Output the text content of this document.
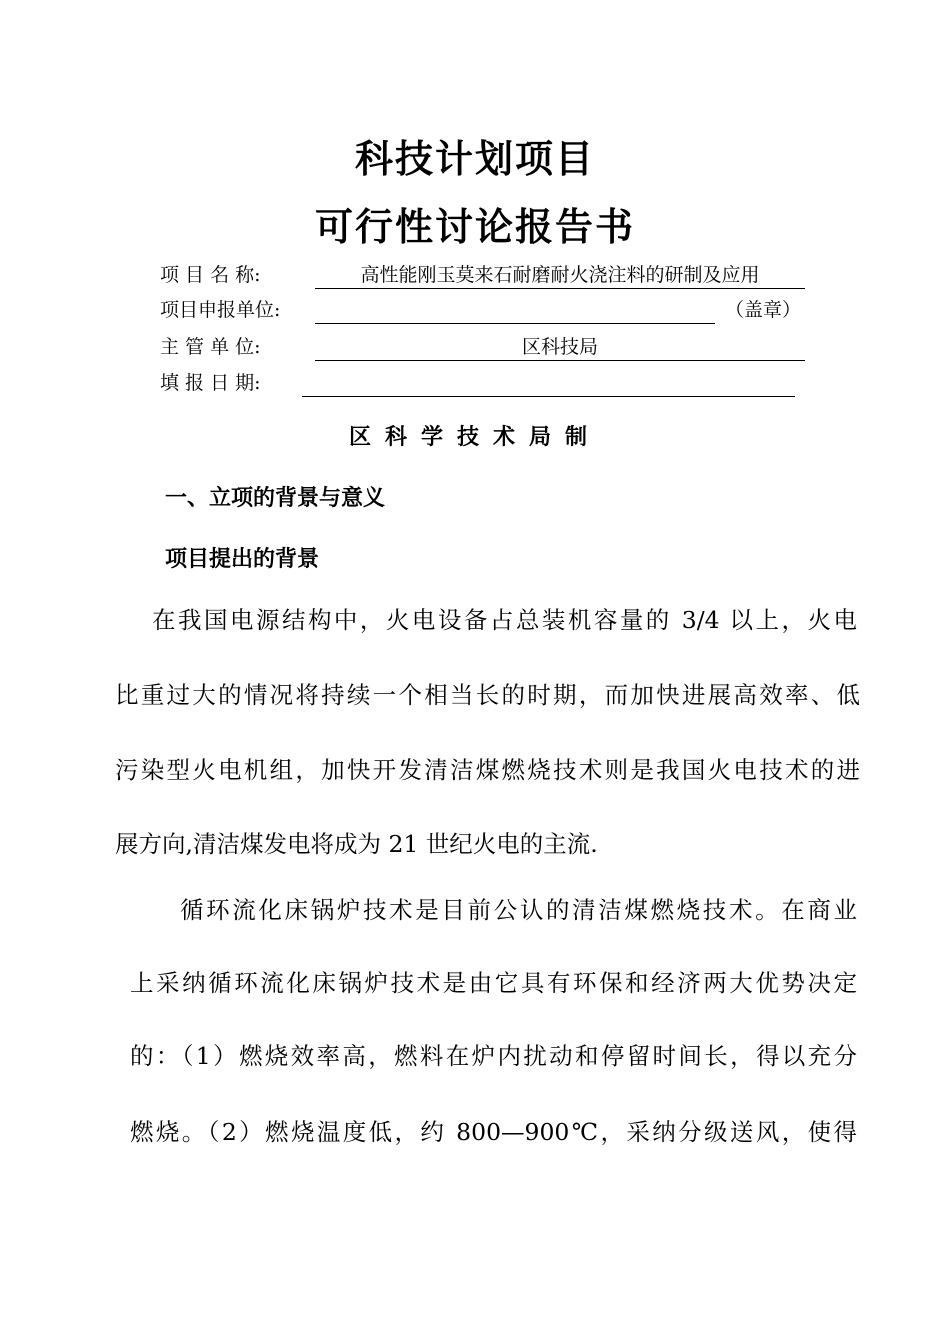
科技计划项目
可行性讨论报告书
项 目 名 称:	高性能刚玉莫来石耐磨耐火浇注料的研制及应用
项目申报单位:	（盖章）
主 管 单 位:	区科技局
填 报 日 期:
区科学技术局制
一、立项的背景与意义
项目提出的背景
在我国电源结构中，火电设备占总装机容量的 3/4 以上，火电
比重过大的情况将持续一个相当长的时期，而加快进展高效率、低
污染型火电机组，加快开发清洁煤燃烧技术则是我国火电技术的进
展方向,清洁煤发电将成为 21 世纪火电的主流.
循环流化床锅炉技术是目前公认的清洁煤燃烧技术。在商业
上采纳循环流化床锅炉技术是由它具有环保和经济两大优势决定
的：（1）燃烧效率高，燃料在炉内扰动和停留时间长，得以充分
燃烧。（2）燃烧温度低，约 800—900℃，采纳分级送风，使得
